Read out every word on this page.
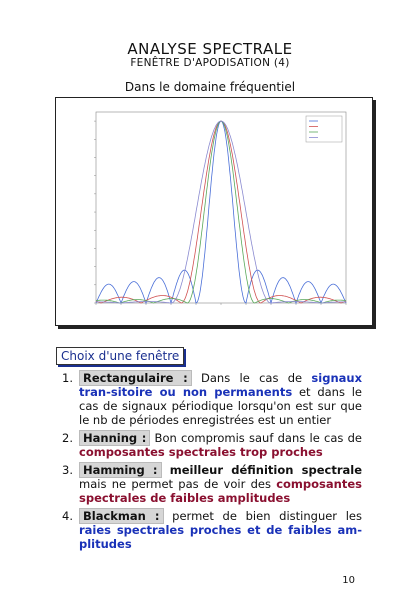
ANALYSE SPECTRALE
FENÊTRE D'APODISATION (4)
Dans le domaine fréquentiel
Choix d'une fenêtre
1. Rectangulaire : Dans le cas de signaux tran-sitoire ou non permanents et dans le cas de signaux périodique lorsqu'on est sur que le nb de périodes enregistrées est un entier
2. Hanning : Bon compromis sauf dans le cas de composantes spectrales trop proches
3. Hamming : meilleur définition spectrale mais ne permet pas de voir des composantes spectrales de faibles amplitudes
4. Blackman : permet de bien distinguer les raies spectrales proches et de faibles am-plitudes
10
